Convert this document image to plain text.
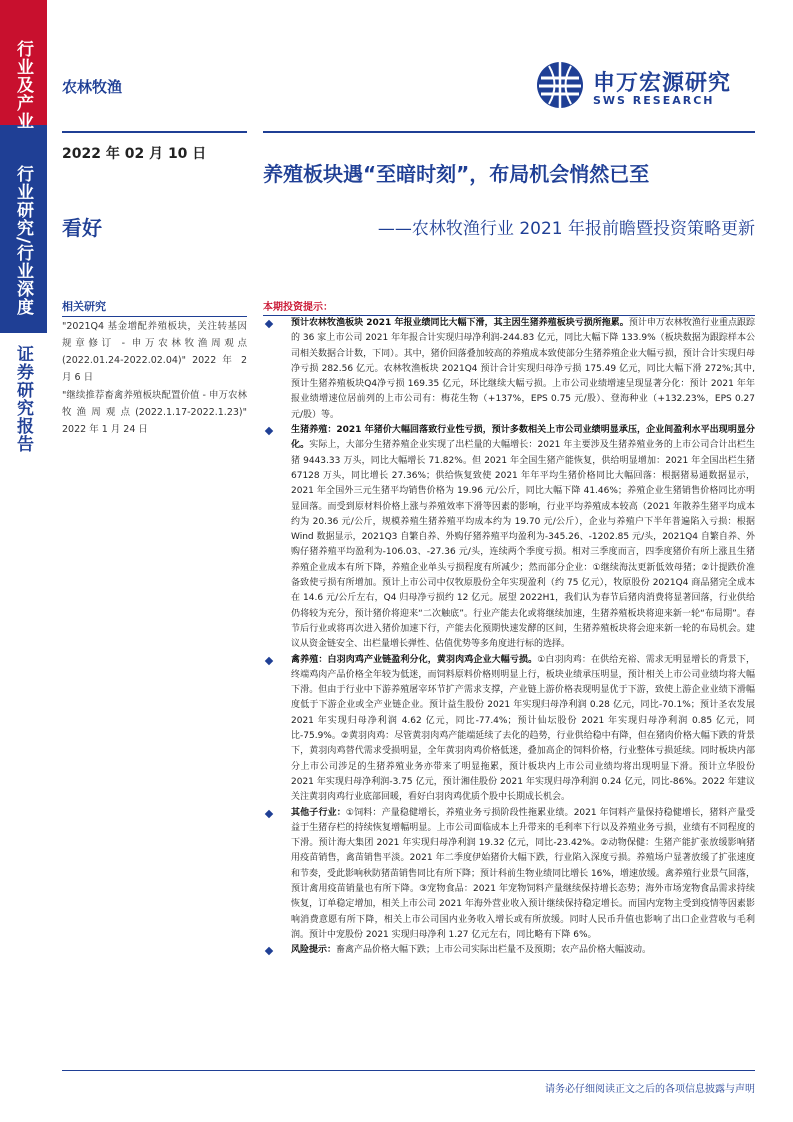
行业及产业
行业研究/行业深度
证券研究报告
农林牧渔	申万宏源研究
SWS RESEARCH
2022 年 02 月 10 日
看好
养殖板块遇“至暗时刻”，布局机会悄然已至
——农林牧渔行业 2021 年报前瞻暨投资策略更新
相关研究
"2021Q4 基金增配养殖板块，关注转基因规章修订 - 申万农林牧渔周观点(2022.01.24-2022.02.04)" 2022 年 2 月 6 日
"继续推荐畜禽养殖板块配置价值 - 申万农林牧渔周观点(2022.1.17-2022.1.23)" 2022 年 1 月 24 日
本期投资提示：
预计农林牧渔板块 2021 年报业绩同比大幅下滑，其主因生猪养殖板块亏损所拖累。预计申万农林牧渔行业重点跟踪的 36 家上市公司 2021 年年报合计实现归母净利润-244.83 亿元，同比大幅下降 133.9%（板块数据为跟踪样本公司相关数据合计数，下同）。其中，猪价回落叠加较高的养殖成本致使部分生猪养殖企业大幅亏损，预计合计实现归母净亏损 282.56 亿元。农林牧渔板块 2021Q4 预计合计实现归母净亏损 175.49 亿元，同比大幅下滑 272%;其中,预计生猪养殖板块Q4净亏损 169.35 亿元，环比继续大幅亏损。上市公司业绩增速呈现显著分化：预计 2021 年年报业绩增速位居前列的上市公司有：梅花生物（+137%，EPS 0.75 元/股）、登海种业（+132.23%，EPS 0.27 元/股）等。
生猪养殖：2021 年猪价大幅回落致行业性亏损，预计多数相关上市公司业绩明显承压，企业间盈利水平出现明显分化。实际上，大部分生猪养殖企业实现了出栏量的大幅增长：2021 年主要涉及生猪养殖业务的上市公司合计出栏生猪 9443.33 万头，同比大幅增长 71.82%。但 2021 年全国生猪产能恢复，供给明显增加：2021 年全国出栏生猪 67128 万头，同比增长 27.36%；供给恢复致使 2021 年年平均生猪价格同比大幅回落：根据猪易通数据显示，2021 年全国外三元生猪平均销售价格为 19.96 元/公斤，同比大幅下降 41.46%；养殖企业生猪销售价格同比亦明显回落。而受到原材料价格上涨与养殖效率下滑等因素的影响，行业平均养殖成本较高（2021 年散养生猪平均成本约为 20.36 元/公斤，规模养殖生猪养殖平均成本约为 19.70 元/公斤），企业与养殖户下半年普遍陷入亏损：根据 Wind 数据显示，2021Q3 自繁自养、外购仔猪养殖平均盈利为-345.26、-1202.85 元/头，2021Q4 自繁自养、外购仔猪养殖平均盈利为-106.03、-27.36 元/头，连续两个季度亏损。相对三季度而言，四季度猪价有所上涨且生猪养殖企业成本有所下降，养殖企业单头亏损程度有所减少；然而部分企业：①继续海汰更新低效母猪；②计提跌价准备致使亏损有所增加。预计上市公司中仅牧原股份全年实现盈利（约 75 亿元），牧原股份 2021Q4 商品猪完全成本在 14.6 元/公斤左右，Q4 归母净亏损约 12 亿元。展望 2022H1，我们认为春节后猪肉消费将显著回落，行业供给仍将较为充分，预计猪价将迎来“二次触底”。行业产能去化或将继续加速，生猪养殖板块将迎来新一轮“布局期”。春节后行业或将再次进入猪价加速下行，产能去化预期快速发酵的区间，生猪养殖板块将会迎来新一轮的布局机会。建议从资金链安全、出栏量增长弹性、估值优势等多角度进行标的选择。
禽养殖：白羽肉鸡产业链盈利分化，黄羽肉鸡企业大幅亏损。①白羽肉鸡：在供给充裕、需求无明显增长的背景下，终端鸡肉产品价格全年较为低迷，而饲料原料价格则明显上行，板块业绩承压明显，预计相关上市公司业绩均将大幅下滑。但由于行业中下游养殖屠宰环节扩产需求支撑，产业链上游价格表现明显优于下游，致使上游企业业绩下滑幅度低于下游企业或全产业链企业。预计益生股份 2021 年实现归母净利润 0.28 亿元，同比-70.1%；预计圣农发展 2021 年实现归母净利润 4.62 亿元，同比-77.4%；预计仙坛股份 2021 年实现归母净利润 0.85 亿元，同比-75.9%。②黄羽肉鸡：尽管黄羽肉鸡产能端延续了去化的趋势，行业供给稳中有降，但在猪肉价格大幅下跌的背景下，黄羽肉鸡替代需求受损明显，全年黄羽肉鸡价格低迷，叠加高企的饲料价格，行业整体亏损延续。同时板块内部分上市公司涉足的生猪养殖业务亦带来了明显拖累，预计板块内上市公司业绩均将出现明显下滑。预计立华股份 2021 年实现归母净利润-3.75 亿元，预计湘佳股份 2021 年实现归母净利润 0.24 亿元，同比-86%。2022 年建议关注黄羽肉鸡行业底部回暖，看好白羽肉鸡优质个股中长期成长机会。
其他子行业：①饲料：产量稳健增长，养殖业务亏损阶段性拖累业绩。2021 年饲料产量保持稳健增长，猪料产量受益于生猪存栏的持续恢复增幅明显。上市公司面临成本上升带来的毛利率下行以及养殖业务亏损，业绩有不同程度的下滑。预计海大集团 2021 年实现归母净利润 19.32 亿元，同比-23.42%。②动物保健：生猪产能扩张放缓影响猪用疫苗销售，禽苗销售平淡。2021 年二季度伊始猪价大幅下跌，行业陷入深度亏损。养殖场户显著放缓了扩张速度和节奏，受此影响秋防猪苗销售同比有所下降；预计科前生物业绩同比增长 16%，增速放缓。禽养殖行业景气回落，预计禽用疫苗销量也有所下降。③宠物食品：2021 年宠物饲料产量继续保持增长态势；海外市场宠物食品需求持续恢复，订单稳定增加，相关上市公司 2021 年海外营业收入预计继续保持稳定增长。而国内宠物主受到疫情等因素影响消费意愿有所下降，相关上市公司国内业务收入增长或有所放缓。同时人民币升值也影响了出口企业营收与毛利润。预计中宠股份 2021 实现归母净利 1.27 亿元左右，同比略有下降 6%。
风险提示：畜禽产品价格大幅下跌；上市公司实际出栏量不及预期；农产品价格大幅波动。
请务必仔细阅读正文之后的各项信息披露与声明
